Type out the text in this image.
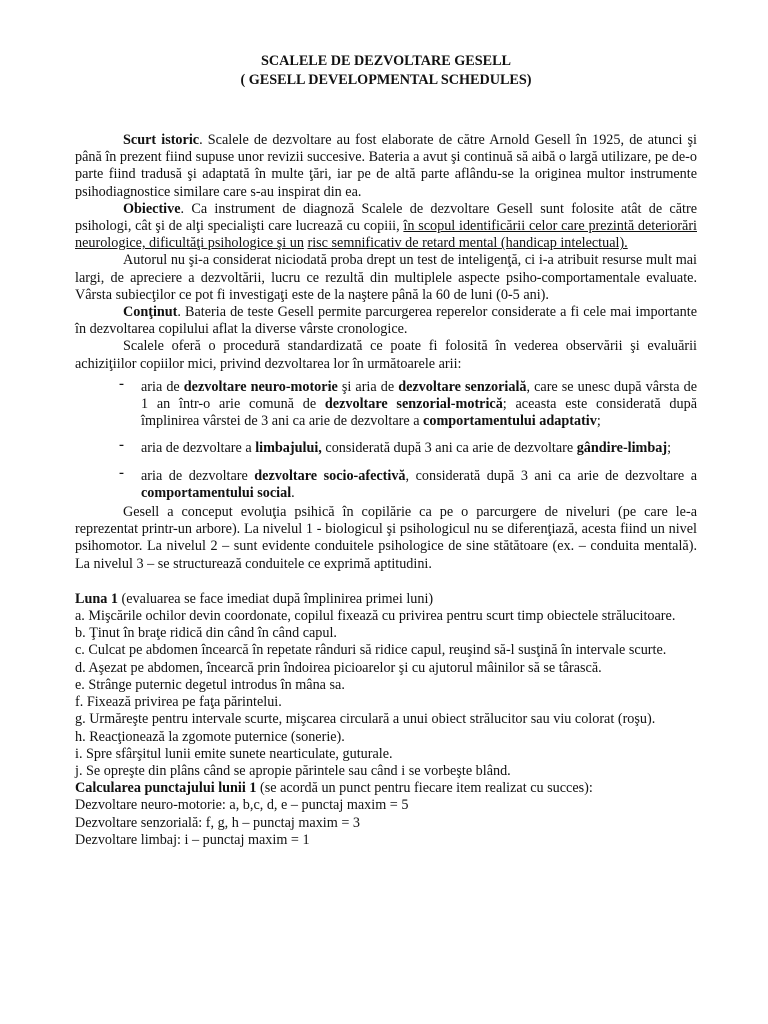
SCALELE DE DEZVOLTARE GESELL
( GESELL DEVELOPMENTAL SCHEDULES)

Scurt istoric. Scalele de dezvoltare au fost elaborate de către Arnold Gesell în 1925, de atunci şi până în prezent fiind supuse unor revizii succesive. Bateria a avut şi continuă să aibă o largă utilizare, pe de-o parte fiind tradusă şi adaptată în multe ţări, iar pe de altă parte aflându-se la originea multor instrumente psihodiagnostice similare care s-au inspirat din ea.

Obiective. Ca instrument de diagnoză Scalele de dezvoltare Gesell sunt folosite atât de către psihologi, cât şi de alţi specialişti care lucrează cu copiii, în scopul identificării celor care prezintă deteriorări neurologice, dificultăţi psihologice şi un risc semnificativ de retard mental (handicap intelectual).

Autorul nu şi-a considerat niciodată proba drept un test de inteligenţă, ci i-a atribuit resurse mult mai largi, de apreciere a dezvoltării, lucru ce rezultă din multiplele aspecte psiho-comportamentale evaluate. Vârsta subiecţilor ce pot fi investigaţi este de la naştere până la 60 de luni (0-5 ani).

Conţinut. Bateria de teste Gesell permite parcurgerea reperelor considerate a fi cele mai importante în dezvoltarea copilului aflat la diverse vârste cronologice.

Scalele oferă o procedură standardizată ce poate fi folosită în vederea observării şi evaluării achiziţiilor copiilor mici, privind dezvoltarea lor în următoarele arii:

- aria de dezvoltare neuro-motorie şi aria de dezvoltare senzorială, care se unesc după vârsta de 1 an într-o arie comună de dezvoltare senzorial-motrică; aceasta este considerată după împlinirea vârstei de 3 ani ca arie de dezvoltare a comportamentului adaptativ;
- aria de dezvoltare a limbajului, considerată după 3 ani ca arie de dezvoltare gândire-limbaj;
- aria de dezvoltare dezvoltare socio-afectivă, considerată după 3 ani ca arie de dezvoltare a comportamentului social.

Gesell a conceput evoluţia psihică în copilărie ca pe o parcurgere de niveluri (pe care le-a reprezentat printr-un arbore). La nivelul 1 - biologicul şi psihologicul nu se diferenţiază, acesta fiind un nivel psihomotor. La nivelul 2 – sunt evidente conduitele psihologice de sine stătătoare (ex. – conduita mentală). La nivelul 3 – se structurează conduitele ce exprimă aptitudini.

Luna 1 (evaluarea se face imediat după împlinirea primei luni)

a. Mişcările ochilor devin coordonate, copilul fixează cu privirea pentru scurt timp obiectele strălucitoare.

b. Ţinut în braţe ridică din când în când capul.

c. Culcat pe abdomen încearcă în repetate rânduri să ridice capul, reuşind să-l susţină în intervale scurte.

d. Aşezat pe abdomen, încearcă prin îndoirea picioarelor şi cu ajutorul mâinilor să se târască.

e. Strânge puternic degetul introdus în mâna sa.

f. Fixează privirea pe faţa părintelui.

g. Urmăreşte pentru intervale scurte, mişcarea circulară a unui obiect strălucitor sau viu colorat (roşu).

h. Reacţionează la zgomote puternice (sonerie).

i. Spre sfârşitul lunii emite sunete nearticulate, guturale.

j. Se opreşte din plâns când se apropie părintele sau când i se vorbeşte blând.

Calcularea punctajului lunii 1 (se acordă un punct pentru fiecare item realizat cu succes):

Dezvoltare neuro-motorie: a, b,c, d, e – punctaj maxim = 5

Dezvoltare senzorială: f, g, h – punctaj maxim = 3

Dezvoltare limbaj: i – punctaj maxim = 1
